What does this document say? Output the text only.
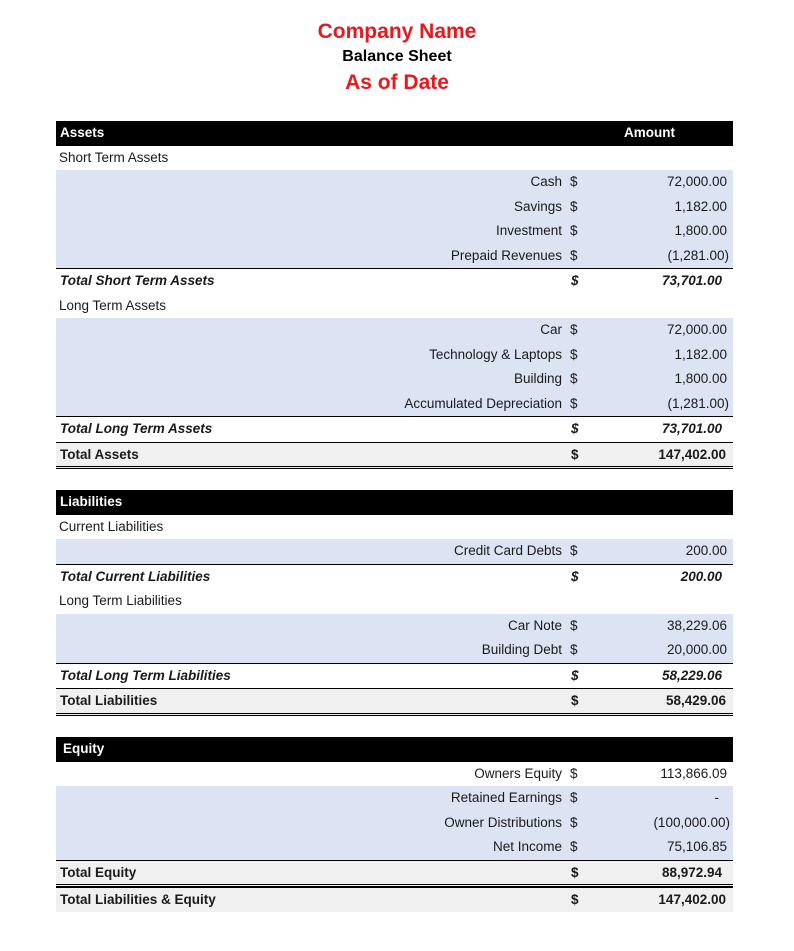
Company Name
Balance Sheet
As of Date
Assets	Amount
Short Term Assets
Cash $	72,000.00
Savings $	1,182.00
Investment $	1,800.00
Prepaid Revenues $	(1,281.00)
Total Short Term Assets	$	73,701.00
Long Term Assets
Car $	72,000.00
Technology & Laptops $	1,182.00
Building $	1,800.00
Accumulated Depreciation $	(1,281.00)
Total Long Term Assets	$	73,701.00
Total Assets	$	147,402.00
Liabilities
Current Liabilities
Credit Card Debts $	200.00
Total Current Liabilities	$	200.00
Long Term Liabilities
Car Note $	38,229.06
Building Debt $	20,000.00
Total Long Term Liabilities	$	58,229.06
Total Liabilities	$	58,429.06
Equity
Owners Equity $	113,866.09
Retained Earnings $	-
Owner Distributions $	(100,000.00)
Net Income $	75,106.85
Total Equity	$	88,972.94
Total Liabilities & Equity	$	147,402.00
